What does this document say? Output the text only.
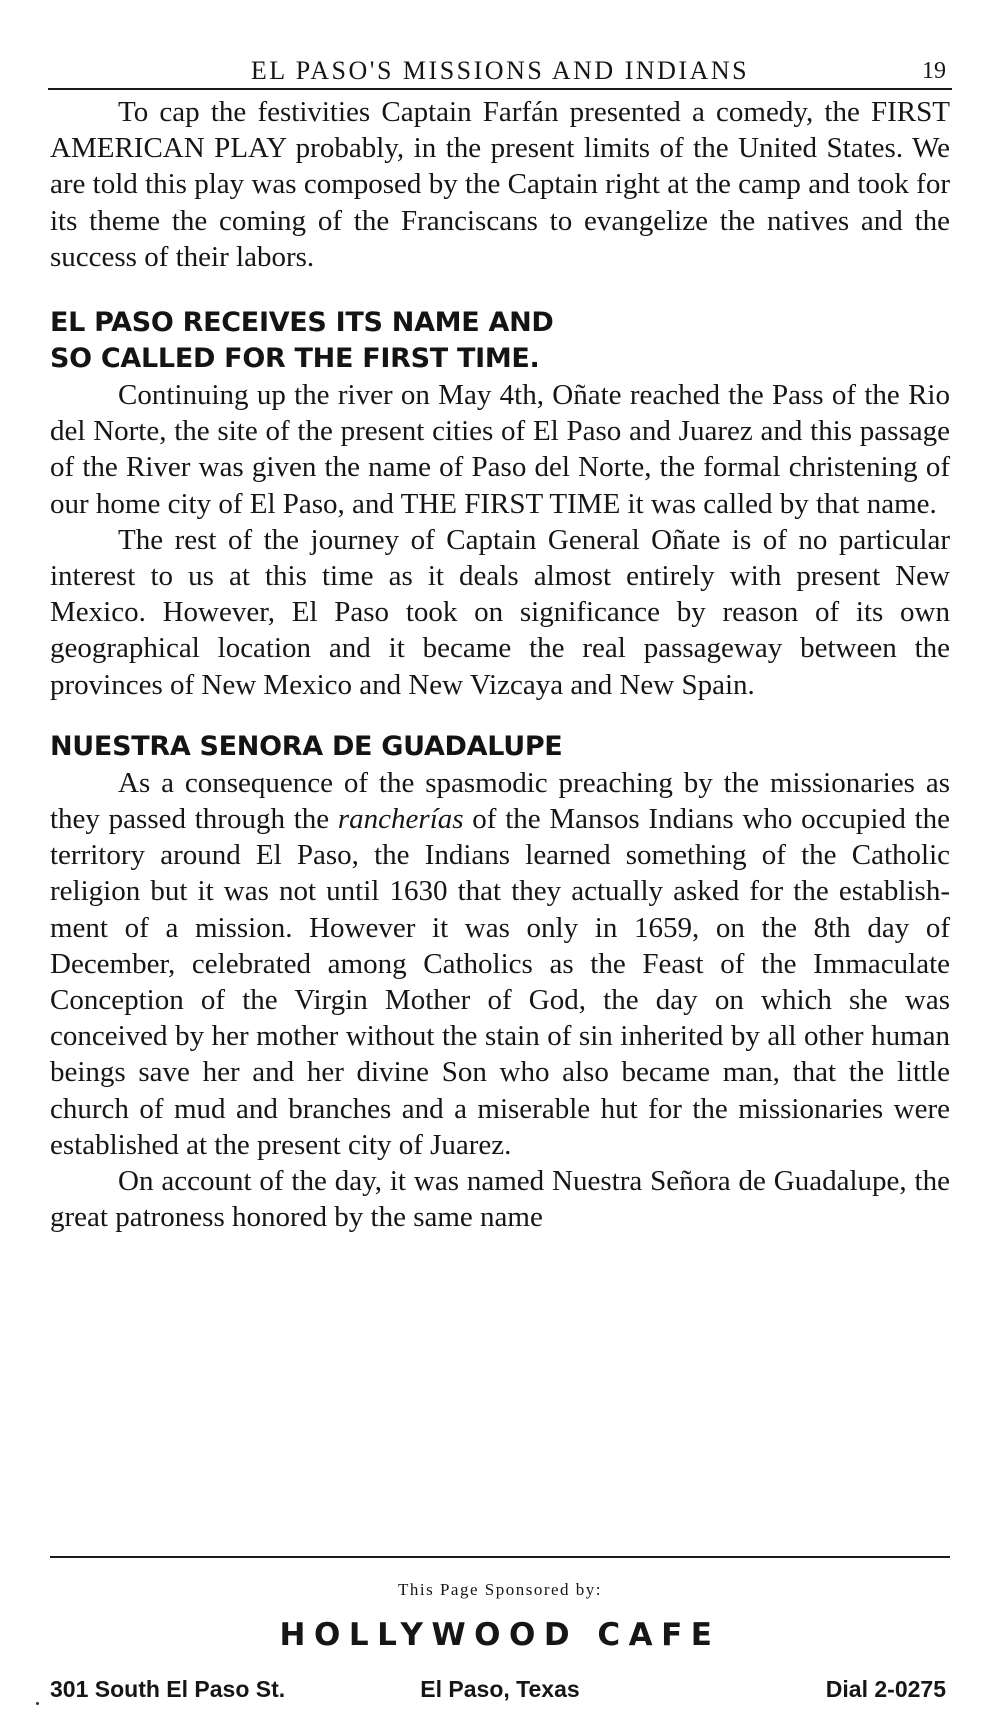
EL PASO'S MISSIONS AND INDIANS	19

To cap the festivities Captain Farfán presented a comedy, the FIRST AMERICAN PLAY probably, in the present limits of the United States. We are told this play was composed by the Captain right at the camp and took for its theme the coming of the Franciscans to evangelize the natives and the success of their labors.

EL PASO RECEIVES ITS NAME AND
SO CALLED FOR THE FIRST TIME.

Continuing up the river on May 4th, Oñate reached the Pass of the Rio del Norte, the site of the present cities of El Paso and Juarez and this passage of the River was given the name of Paso del Norte, the formal christening of our home city of El Paso, and THE FIRST TIME it was called by that name.

The rest of the journey of Captain General Oñate is of no particular interest to us at this time as it deals almost entirely with present New Mexico. However, El Paso took on significance by reason of its own geographical location and it became the real passageway between the provinces of New Mexico and New Vizcaya and New Spain.

NUESTRA SENORA DE GUADALUPE

As a consequence of the spasmodic preaching by the missionaries as they passed through the rancherías of the Mansos Indians who occupied the territory around El Paso, the Indians learned something of the Catholic religion but it was not until 1630 that they actually asked for the establishment of a mission. However it was only in 1659, on the 8th day of December, celebrated among Catholics as the Feast of the Immaculate Conception of the Virgin Mother of God, the day on which she was conceived by her mother without the stain of sin inherited by all other human beings save her and her divine Son who also became man, that the little church of mud and branches and a miserable hut for the missionaries were established at the present city of Juarez.

On account of the day, it was named Nuestra Señora de Guadalupe, the great patroness honored by the same name

This Page Sponsored by:
HOLLYWOOD CAFE
301 South El Paso St.	El Paso, Texas	Dial 2-0275
